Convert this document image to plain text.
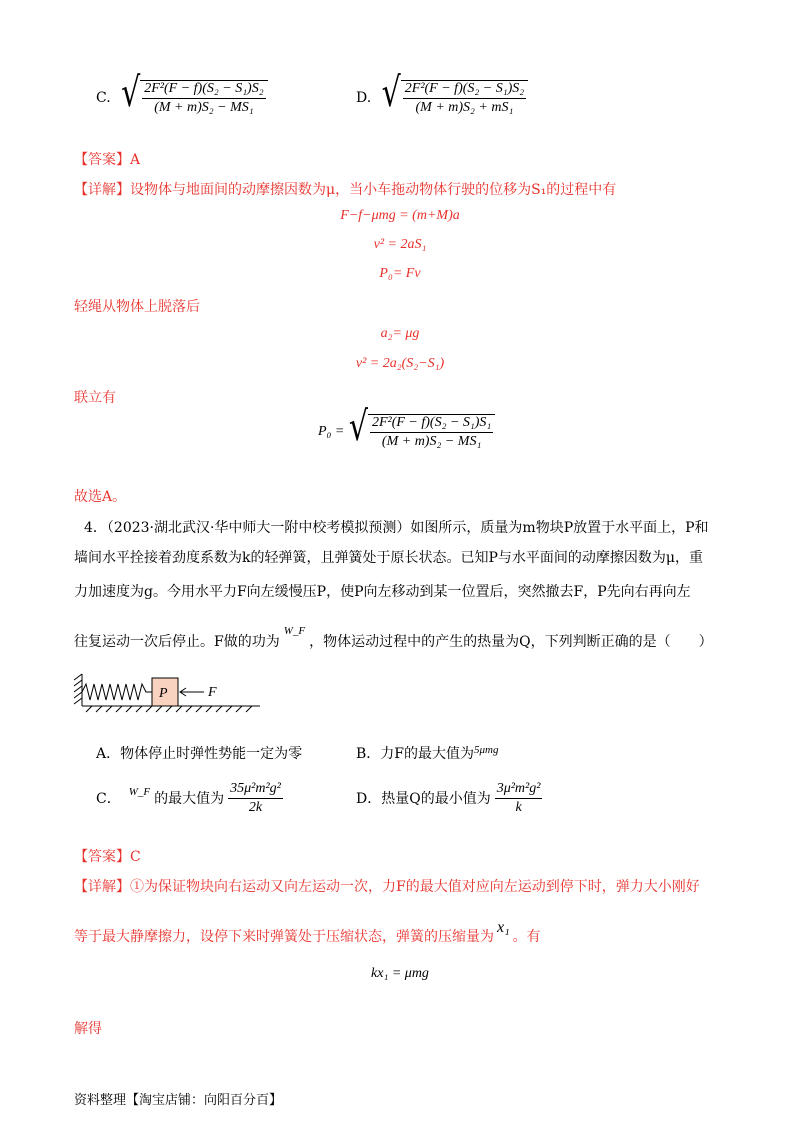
C. √ $\frac{\text{2F²(F − f)(S₂ − S₁)S₂}}{\text{(M + m)S₂ − MS₁}}$	D. √ $\frac{\text{2F²(F − f)(S₂ − S₁)S₂}}{\text{(M + m)S₂ + mS₁}}$
【答案】A
【详解】设物体与地面间的动摩擦因数为μ，当小车拖动物体行驶的位移为S₁的过程中有
F−f−μmg = (m+M)a
v² = 2aS₁
P₀= Fv
轻绳从物体上脱落后
a₂= μg
v² = 2a₂(S₂−S₁)
联立有
P₀ = √ $\frac{\text{2F²(F − f)(S₂ − S₁)S₁}}{\text{(M + m)S₂ − MS₁}}$
故选A。
4．（2023·湖北武汉·华中师大一附中校考模拟预测）如图所示，质量为m物块P放置于水平面上，P和
墙间水平拴接着劲度系数为k的轻弹簧，且弹簧处于原长状态。已知P与水平面间的动摩擦因数为μ，重
力加速度为g。今用水平力F向左缓慢压P，使P向左移动到某一位置后，突然撤去F，P先向右再向左
往复运动一次后停止。F做的功为$^{W\_F}$，物体运动过程中的产生的热量为Q，下列判断正确的是（　　）
P	F
A．物体停止时弹性势能一定为零	B．力F的最大值为$^{5\mu mg}$
C． W_F 的最大值为 $\frac{\text{35μ²m²g²}}{2k}$	D．热量Q的最小值为 $\frac{\text{3μ²m²g²}}{k}$
【答案】C
【详解】①为保证物块向右运动又向左运动一次，力F的最大值对应向左运动到停下时，弹力大小刚好
等于最大静摩擦力，设停下来时弹簧处于压缩状态，弹簧的压缩量为x₁。有
kx₁ = μmg
解得
资料整理【淘宝店铺：向阳百分百】
